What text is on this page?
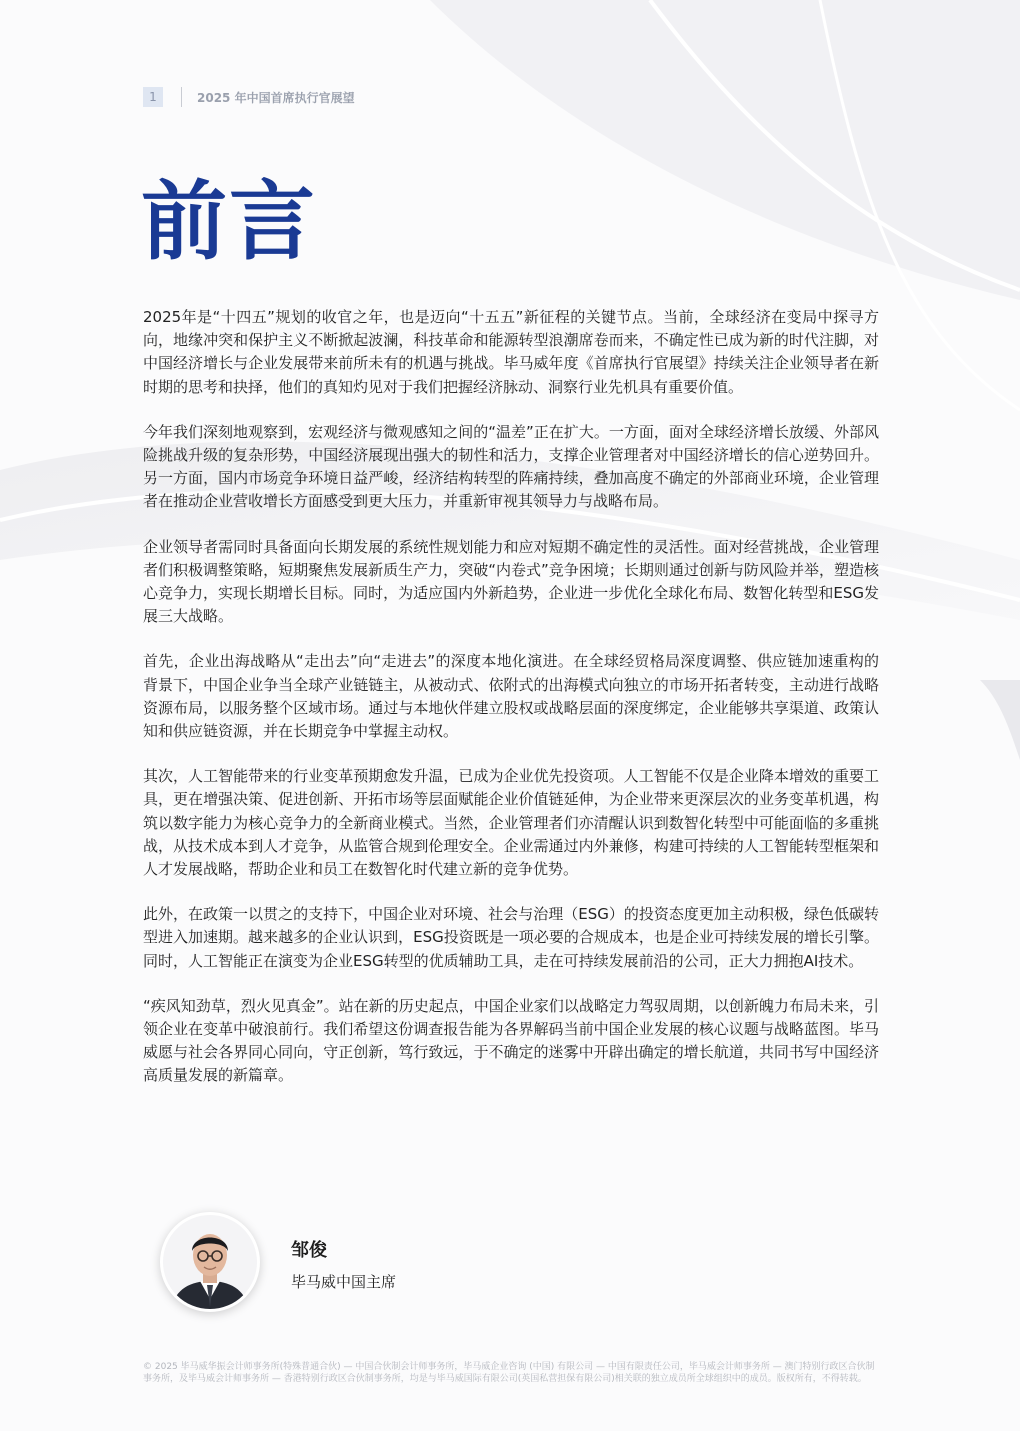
1	2025 年中国首席执行官展望
前言

2025年是“十四五”规划的收官之年，也是迈向“十五五”新征程的关键节点。当前，全球经济在变局中探寻方向，地缘冲突和保护主义不断掀起波澜，科技革命和能源转型浪潮席卷而来，不确定性已成为新的时代注脚，对中国经济增长与企业发展带来前所未有的机遇与挑战。毕马威年度《首席执行官展望》持续关注企业领导者在新时期的思考和抉择，他们的真知灼见对于我们把握经济脉动、洞察行业先机具有重要价值。

今年我们深刻地观察到，宏观经济与微观感知之间的“温差”正在扩大。一方面，面对全球经济增长放缓、外部风险挑战升级的复杂形势，中国经济展现出强大的韧性和活力，支撑企业管理者对中国经济增长的信心逆势回升。另一方面，国内市场竞争环境日益严峻，经济结构转型的阵痛持续，叠加高度不确定的外部商业环境，企业管理者在推动企业营收增长方面感受到更大压力，并重新审视其领导力与战略布局。

企业领导者需同时具备面向长期发展的系统性规划能力和应对短期不确定性的灵活性。面对经营挑战，企业管理者们积极调整策略，短期聚焦发展新质生产力，突破“内卷式”竞争困境；长期则通过创新与防风险并举，塑造核心竞争力，实现长期增长目标。同时，为适应国内外新趋势，企业进一步优化全球化布局、数智化转型和ESG发展三大战略。

首先，企业出海战略从“走出去”向“走进去”的深度本地化演进。在全球经贸格局深度调整、供应链加速重构的背景下，中国企业争当全球产业链链主，从被动式、依附式的出海模式向独立的市场开拓者转变，主动进行战略资源布局，以服务整个区域市场。通过与本地伙伴建立股权或战略层面的深度绑定，企业能够共享渠道、政策认知和供应链资源，并在长期竞争中掌握主动权。

其次，人工智能带来的行业变革预期愈发升温，已成为企业优先投资项。人工智能不仅是企业降本增效的重要工具，更在增强决策、促进创新、开拓市场等层面赋能企业价值链延伸，为企业带来更深层次的业务变革机遇，构筑以数字能力为核心竞争力的全新商业模式。当然，企业管理者们亦清醒认识到数智化转型中可能面临的多重挑战，从技术成本到人才竞争，从监管合规到伦理安全。企业需通过内外兼修，构建可持续的人工智能转型框架和人才发展战略，帮助企业和员工在数智化时代建立新的竞争优势。

此外，在政策一以贯之的支持下，中国企业对环境、社会与治理（ESG）的投资态度更加主动积极，绿色低碳转型进入加速期。越来越多的企业认识到，ESG投资既是一项必要的合规成本，也是企业可持续发展的增长引擎。同时，人工智能正在演变为企业ESG转型的优质辅助工具，走在可持续发展前沿的公司，正大力拥抱AI技术。

“疾风知劲草，烈火见真金”。站在新的历史起点，中国企业家们以战略定力驾驭周期，以创新魄力布局未来，引领企业在变革中破浪前行。我们希望这份调查报告能为各界解码当前中国企业发展的核心议题与战略蓝图。毕马威愿与社会各界同心同向，守正创新，笃行致远，于不确定的迷雾中开辟出确定的增长航道，共同书写中国经济高质量发展的新篇章。

邹俊
毕马威中国主席
© 2025 毕马威华振会计师事务所(特殊普通合伙) — 中国合伙制会计师事务所，毕马威企业咨询 (中国) 有限公司 — 中国有限责任公司，毕马威会计师事务所 — 澳门特别行政区合伙制事务所，及毕马威会计师事务所 — 香港特别行政区合伙制事务所，均是与毕马威国际有限公司(英国私营担保有限公司)相关联的独立成员所全球组织中的成员。版权所有，不得转载。
